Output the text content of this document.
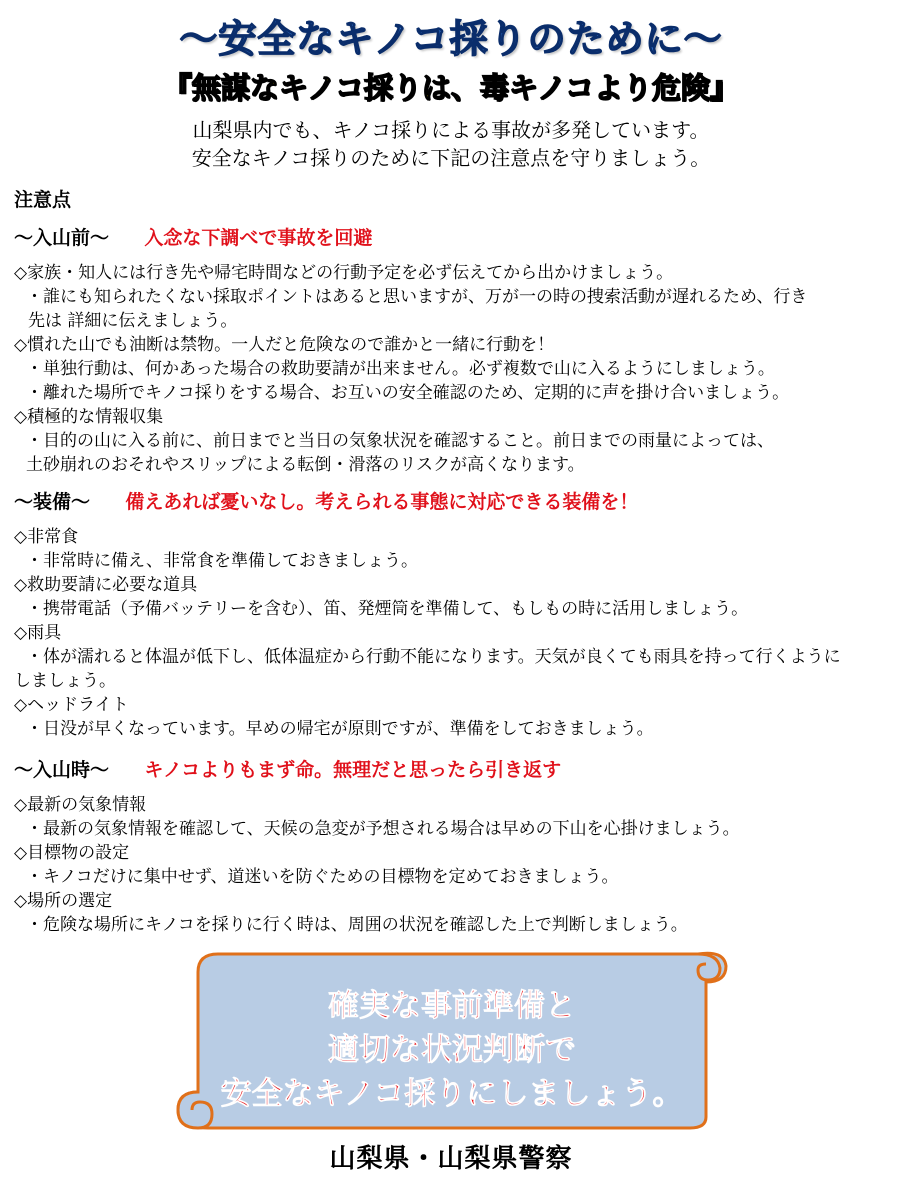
～安全なキノコ採りのために～
『無謀なキノコ採りは、毒キノコより危険』
山梨県内でも、キノコ採りによる事故が多発しています。
安全なキノコ採りのために下記の注意点を守りましょう。
注意点
～入山前～ 入念な下調べで事故を回避
◇家族・知人には行き先や帰宅時間などの行動予定を必ず伝えてから出かけましょう。
・誰にも知られたくない採取ポイントはあると思いますが、万が一の時の捜索活動が遅れるため、行き
先は 詳細に伝えましょう。
◇慣れた山でも油断は禁物。一人だと危険なので誰かと一緒に行動を！
・単独行動は、何かあった場合の救助要請が出来ません。必ず複数で山に入るようにしましょう。
・離れた場所でキノコ採りをする場合、お互いの安全確認のため、定期的に声を掛け合いましょう。
◇積極的な情報収集
・目的の山に入る前に、前日までと当日の気象状況を確認すること。前日までの雨量によっては、
土砂崩れのおそれやスリップによる転倒・滑落のリスクが高くなります。
～装備～ 備えあれば憂いなし。考えられる事態に対応できる装備を！
◇非常食
・非常時に備え、非常食を準備しておきましょう。
◇救助要請に必要な道具
・携帯電話（予備バッテリーを含む）、笛、発煙筒を準備して、もしもの時に活用しましょう。
◇雨具
・体が濡れると体温が低下し、低体温症から行動不能になります。天気が良くても雨具を持って行くように
しましょう。
◇ヘッドライト
・日没が早くなっています。早めの帰宅が原則ですが、準備をしておきましょう。
～入山時～ キノコよりもまず命。無理だと思ったら引き返す
◇最新の気象情報
・最新の気象情報を確認して、天候の急変が予想される場合は早めの下山を心掛けましょう。
◇目標物の設定
・キノコだけに集中せず、道迷いを防ぐための目標物を定めておきましょう。
◇場所の選定
・危険な場所にキノコを採りに行く時は、周囲の状況を確認した上で判断しましょう。
確実な事前準備と
適切な状況判断で
安全なキノコ採りにしましょう。
山梨県・山梨県警察
